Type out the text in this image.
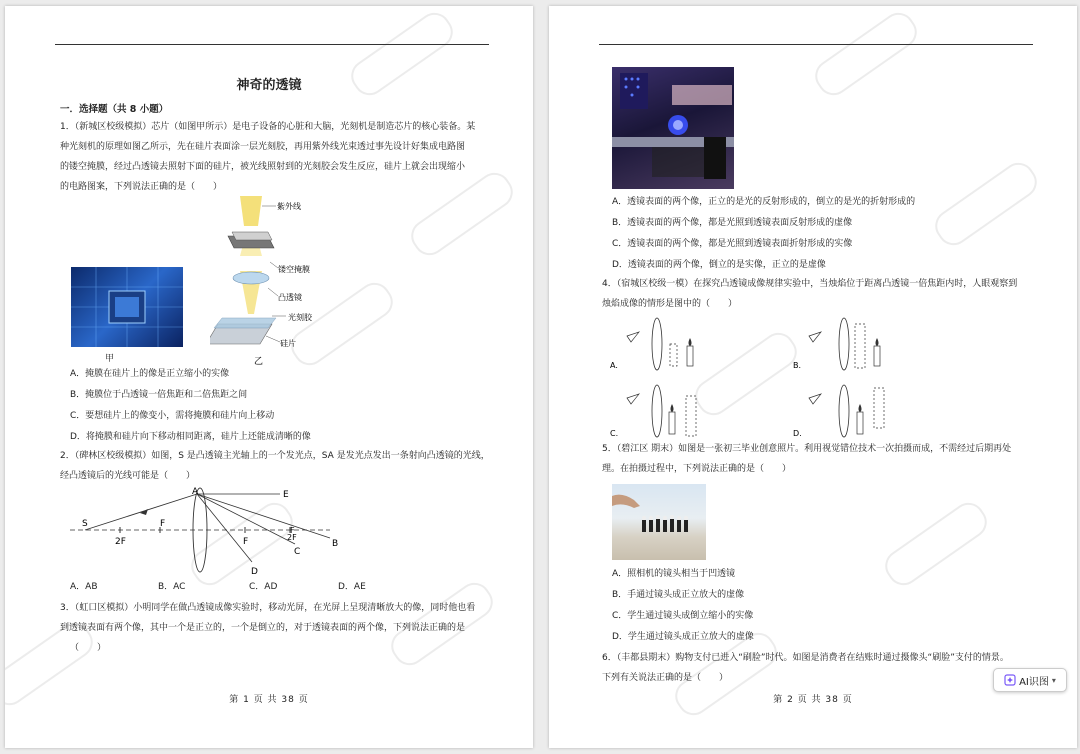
神奇的透镜
一．选择题（共 8 小题）
1．（新城区校级模拟）芯片（如图甲所示）是电子设备的心脏和大脑，光刻机是制造芯片的核心装备。某
种光刻机的原理如图乙所示，先在硅片表面涂一层光刻胶，再用紫外线光束透过事先设计好集成电路图
的镂空掩膜，经过凸透镜去照射下面的硅片，被光线照射到的光刻胶会发生反应，硅片上就会出现缩小
的电路图案，下列说法正确的是（　　）
甲
紫外线
镂空掩膜
凸透镜
光刻胶
硅片
乙
A．掩膜在硅片上的像是正立缩小的实像
B．掩膜位于凸透镜一倍焦距和二倍焦距之间
C．要想硅片上的像变小，需将掩膜和硅片向上移动
D．将掩膜和硅片向下移动相同距离，硅片上还能成清晰的像
2．（碑林区校级模拟）如图，S 是凸透镜主光轴上的一个发光点，SA 是发光点发出一条射向凸透镜的光线，
经凸透镜后的光线可能是（　　）
A	E
S	F
2F	F	2F
F
B
C
D
A．AB	B．AC	C．AD	D．AE
3．（虹口区模拟）小明同学在做凸透镜成像实验时，移动光屏，在光屏上呈现清晰放大的像，同时他也看
到透镜表面有两个像，其中一个是正立的，一个是倒立的，对于透镜表面的两个像，下列说法正确的是
（　　）
第 1 页 共 38 页
A．透镜表面的两个像，正立的是光的反射形成的，倒立的是光的折射形成的
B．透镜表面的两个像，都是光照到透镜表面反射形成的虚像
C．透镜表面的两个像，都是光照到透镜表面折射形成的实像
D．透镜表面的两个像，倒立的是实像，正立的是虚像
4．（宿城区校级一模）在探究凸透镜成像规律实验中，当烛焰位于距离凸透镜一倍焦距内时，人眼观察到
烛焰成像的情形是图中的（　　）
A.
C.
B.
D.
5．（碧江区 期末）如图是一张初三毕业创意照片。利用视觉错位技术一次拍摄而成，不需经过后期再处
理。在拍摄过程中，下列说法正确的是（　　）
A．照相机的镜头相当于凹透镜
B．手通过镜头成正立放大的虚像
C．学生通过镜头成倒立缩小的实像
D．学生通过镜头成正立放大的虚像
6．（丰都县期末）购物支付已进入“刷脸”时代。如图是消费者在结账时通过摄像头“刷脸”支付的情景。
下列有关说法正确的是（　　）
第 2 页 共 38 页
AI识图 ▾
